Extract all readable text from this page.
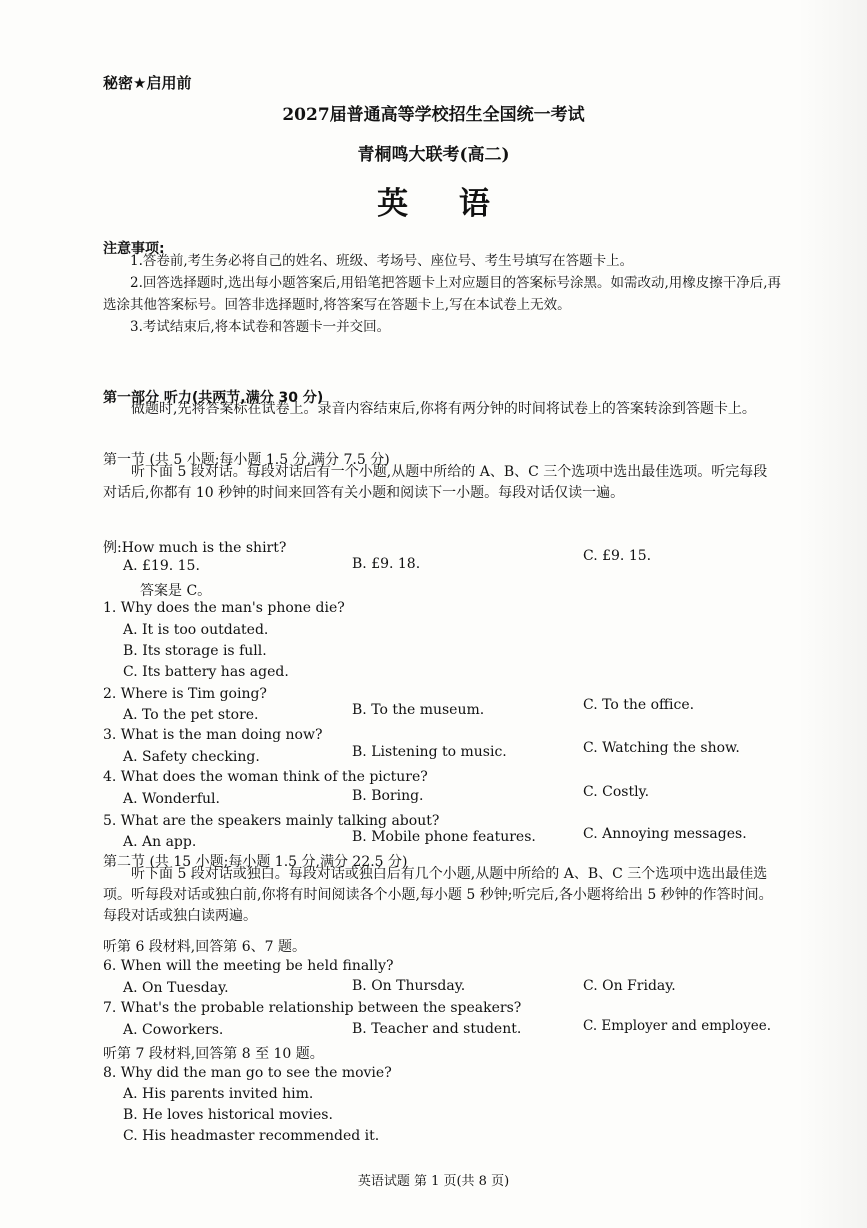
秘密★启用前
2027届普通高等学校招生全国统一考试
青桐鸣大联考(高二)
英 语
注意事项:

1.答卷前,考生务必将自己的姓名、班级、考场号、座位号、考生号填写在答题卡上。

2.回答选择题时,选出每小题答案后,用铅笔把答题卡上对应题目的答案标号涂黑。如需改动,用橡皮擦干净后,再选涂其他答案标号。回答非选择题时,将答案写在答题卡上,写在本试卷上无效。

3.考试结束后,将本试卷和答题卡一并交回。

第一部分 听力(共两节,满分 30 分)
做题时,先将答案标在试卷上。录音内容结束后,你将有两分钟的时间将试卷上的答案转涂到答题卡上。
第一节 (共 5 小题;每小题 1.5 分,满分 7.5 分)
听下面 5 段对话。每段对话后有一个小题,从题中所给的 A、B、C 三个选项中选出最佳选项。听完每段对话后,你都有 10 秒钟的时间来回答有关小题和阅读下一小题。每段对话仅读一遍。
例:How much is the shirt?
A. £19. 15.	B. £9. 18.	C. £9. 15.
答案是 C。
1. Why does the man's phone die?
A. It is too outdated.
B. Its storage is full.
C. Its battery has aged.
2. Where is Tim going?
A. To the pet store.	B. To the museum.	C. To the office.
3. What is the man doing now?
A. Safety checking.	B. Listening to music.	C. Watching the show.
4. What does the woman think of the picture?
A. Wonderful.	B. Boring.	C. Costly.
5. What are the speakers mainly talking about?
A. An app.	B. Mobile phone features.	C. Annoying messages.
第二节 (共 15 小题;每小题 1.5 分,满分 22.5 分)
听下面 5 段对话或独白。每段对话或独白后有几个小题,从题中所给的 A、B、C 三个选项中选出最佳选项。听每段对话或独白前,你将有时间阅读各个小题,每小题 5 秒钟;听完后,各小题将给出 5 秒钟的作答时间。每段对话或独白读两遍。
听第 6 段材料,回答第 6、7 题。
6. When will the meeting be held finally?
A. On Tuesday.	B. On Thursday.	C. On Friday.
7. What's the probable relationship between the speakers?
A. Coworkers.	B. Teacher and student.	C. Employer and employee.
听第 7 段材料,回答第 8 至 10 题。
8. Why did the man go to see the movie?
A. His parents invited him.
B. He loves historical movies.
C. His headmaster recommended it.
英语试题 第 1 页(共 8 页)
